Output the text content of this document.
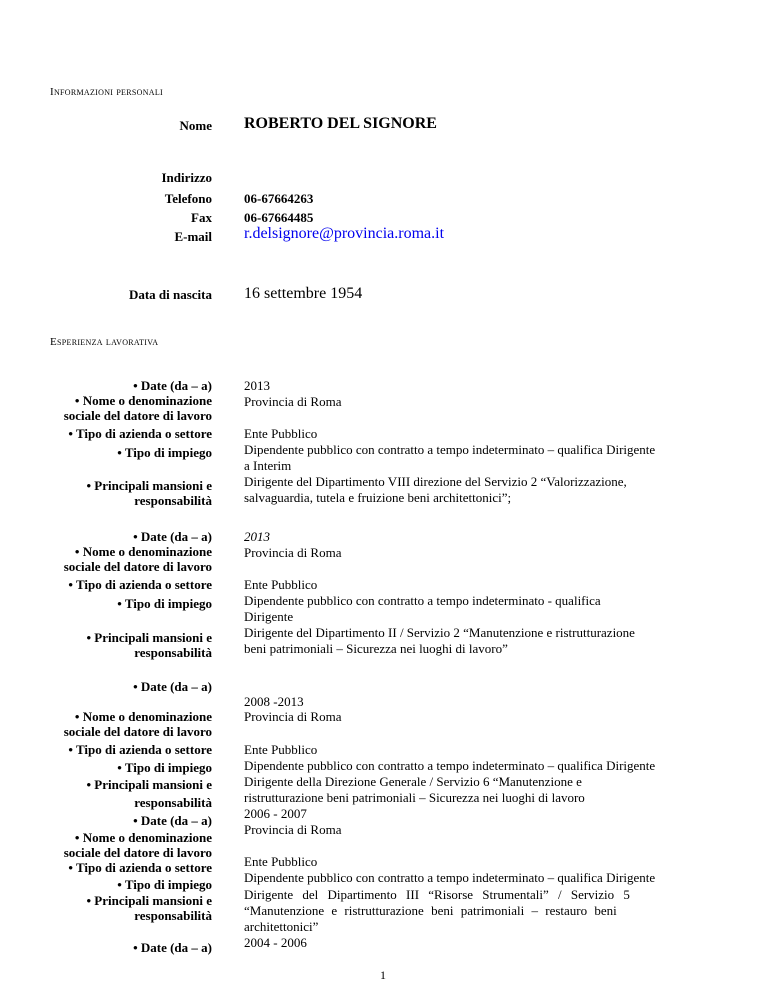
Informazioni personali
Nome ROBERTO DEL SIGNORE
Indirizzo
Telefono 06-67664263
Fax 06-67664485
E-mail r.delsignore@provincia.roma.it
Data di nascita 16 settembre 1954
Esperienza lavorativa
• Date (da – a)
• Nome o denominazione
sociale del datore di lavoro
• Tipo di azienda o settore
• Tipo di impiego
• Principali mansioni e
responsabilità
2013
Provincia di Roma
Ente Pubblico
Dipendente pubblico con contratto a tempo indeterminato – qualifica Dirigente
a Interim
Dirigente del Dipartimento VIII direzione del Servizio 2 “Valorizzazione,
salvaguardia, tutela e fruizione beni architettonici”;
• Date (da – a)
• Nome o denominazione
sociale del datore di lavoro
• Tipo di azienda o settore
• Tipo di impiego
• Principali mansioni e
responsabilità
2013
Provincia di Roma
Ente Pubblico
Dipendente pubblico con contratto a tempo indeterminato - qualifica
Dirigente
Dirigente del Dipartimento II / Servizio 2 “Manutenzione e ristrutturazione
beni patrimoniali – Sicurezza nei luoghi di lavoro”
• Date (da – a)
• Nome o denominazione
sociale del datore di lavoro
• Tipo di azienda o settore
• Tipo di impiego
• Principali mansioni e
responsabilità
2008 -2013
Provincia di Roma
Ente Pubblico
Dipendente pubblico con contratto a tempo indeterminato – qualifica Dirigente
Dirigente della Direzione Generale / Servizio 6 “Manutenzione e
ristrutturazione beni patrimoniali – Sicurezza nei luoghi di lavoro
• Date (da – a)
• Nome o denominazione
sociale del datore di lavoro
• Tipo di azienda o settore
• Tipo di impiego
• Principali mansioni e
responsabilità
2006 - 2007
Provincia di Roma
Ente Pubblico
Dipendente pubblico con contratto a tempo indeterminato – qualifica Dirigente
Dirigente del Dipartimento III “Risorse Strumentali” / Servizio 5
“Manutenzione e ristrutturazione beni patrimoniali – restauro beni
architettonici”
• Date (da – a) 2004 - 2006
1
